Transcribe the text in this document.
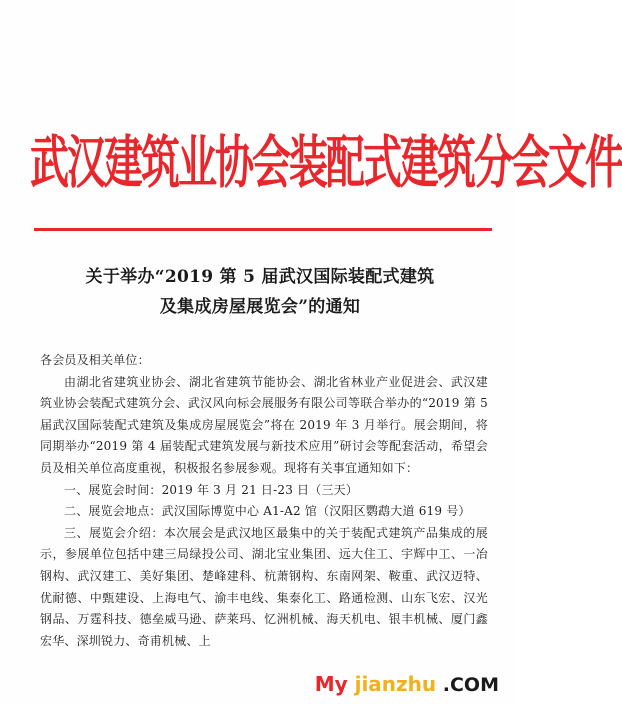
武汉建筑业协会装配式建筑分会文件
关于举办“2019 第 5 届武汉国际装配式建筑
及集成房屋展览会”的通知

各会员及相关单位：

由湖北省建筑业协会、湖北省建筑节能协会、湖北省林业产业促进会、武汉建筑业协会装配式建筑分会、武汉风向标会展服务有限公司等联合举办的“2019 第 5 届武汉国际装配式建筑及集成房屋展览会”将在 2019 年 3 月举行。展会期间，将同期举办“2019 第 4 届装配式建筑发展与新技术应用”研讨会等配套活动，希望会员及相关单位高度重视，积极报名参展参观。现将有关事宜通知如下：

一、展览会时间：2019 年 3 月 21 日-23 日（三天）

二、展览会地点：武汉国际博览中心 A1-A2 馆（汉阳区鹦鹉大道 619 号）

三、展览会介绍：本次展会是武汉地区最集中的关于装配式建筑产品集成的展示，参展单位包括中建三局绿投公司、湖北宝业集团、远大住工、宇辉中工、一冶钢构、武汉建工、美好集团、楚峰建科、杭萧钢构、东南网架、鞍重、武汉迈特、优耐德、中甄建设、上海电气、渝丰电线、集泰化工、路通检测、山东飞宏、汉光钢品、万霆科技、德垒威马逊、萨莱玛、忆洲机械、海天机电、银丰机械、厦门鑫宏华、深圳锐力、奇甫机械、上

My jianzhu .COM
